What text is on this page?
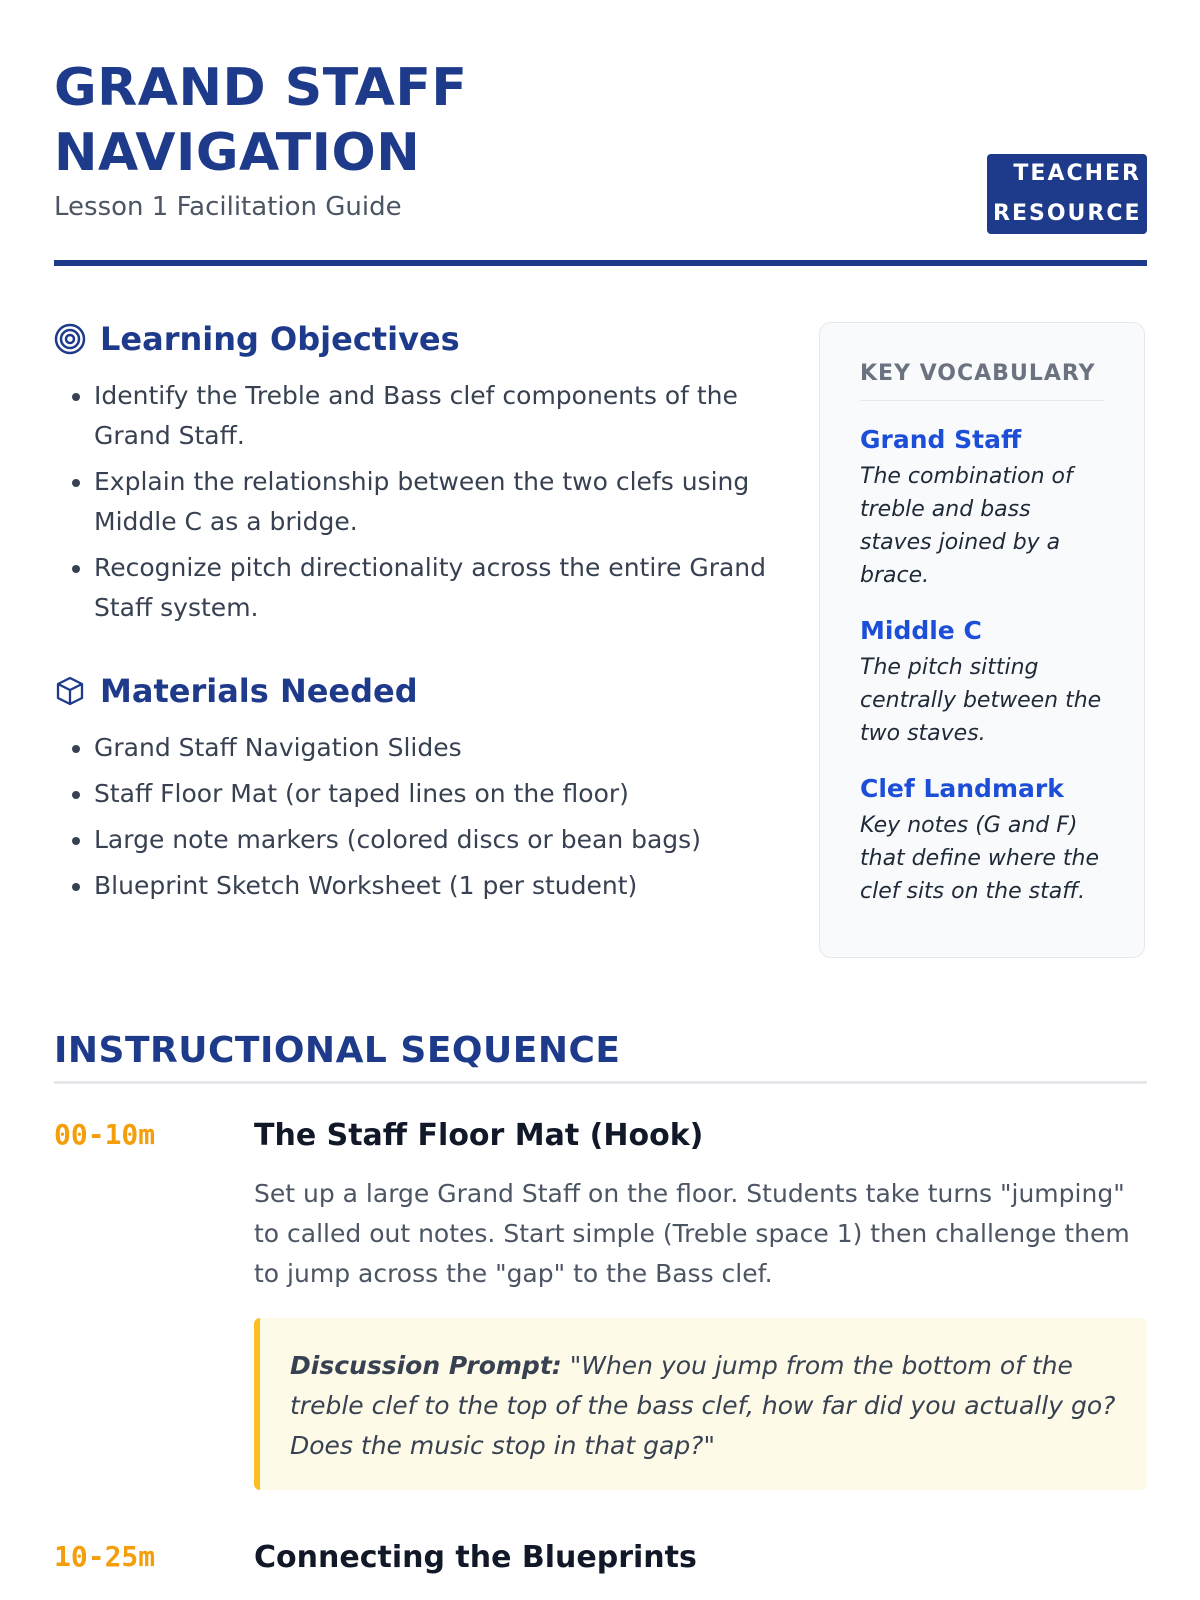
GRAND STAFF NAVIGATION
Lesson 1 Facilitation Guide
TEACHER RESOURCE
Learning Objectives
• Identify the Treble and Bass clef components of the Grand Staff.
• Explain the relationship between the two clefs using Middle C as a bridge.
• Recognize pitch directionality across the entire Grand Staff system.
Materials Needed
• Grand Staff Navigation Slides
• Staff Floor Mat (or taped lines on the floor)
• Large note markers (colored discs or bean bags)
• Blueprint Sketch Worksheet (1 per student)
KEY VOCABULARY
Grand Staff
The combination of treble and bass staves joined by a brace.
Middle C
The pitch sitting centrally between the two staves.
Clef Landmark
Key notes (G and F) that define where the clef sits on the staff.
INSTRUCTIONAL SEQUENCE
00-10m	The Staff Floor Mat (Hook)
Set up a large Grand Staff on the floor. Students take turns "jumping" to called out notes. Start simple (Treble space 1) then challenge them to jump across the "gap" to the Bass clef.
Discussion Prompt: "When you jump from the bottom of the treble clef to the top of the bass clef, how far did you actually go? Does the music stop in that gap?"
10-25m	Connecting the Blueprints
